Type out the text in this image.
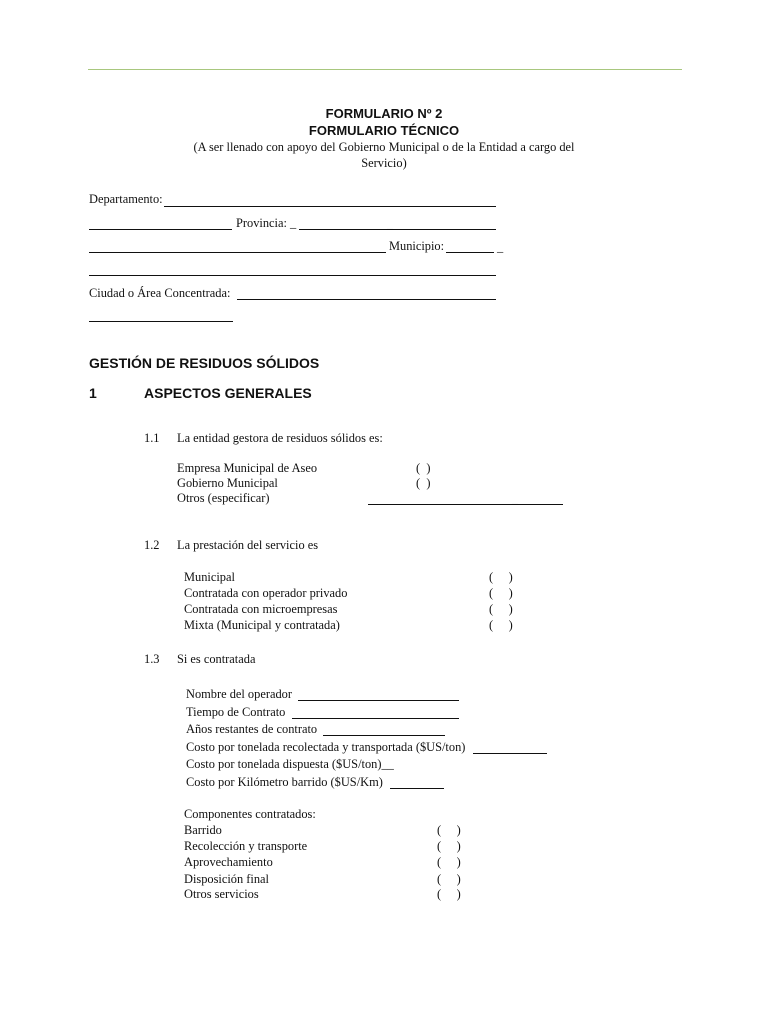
FORMULARIO Nº 2
FORMULARIO TÉCNICO
(A ser llenado con apoyo del Gobierno Municipal o de la Entidad a cargo del
Servicio)
Departamento:
Provincia: _	_
Municipio:	_
Ciudad o Área Concentrada:
GESTIÓN DE RESIDUOS SÓLIDOS
1	ASPECTOS GENERALES
1.1 La entidad gestora de residuos sólidos es:
Empresa Municipal de Aseo	(  )
Gobierno Municipal	(  )
Otros (especificar)	_
1.2 La prestación del servicio es
Municipal	(     )
Contratada con operador privado	(     )
Contratada con microempresas	(     )
Mixta (Municipal y contratada)	(     )
1.3 Si es contratada
Nombre del operador
Tiempo de Contrato
Años restantes de contrato
Costo por tonelada recolectada y transportada ($US/ton)
Costo por tonelada dispuesta ($US/ton)__
Costo por Kilómetro barrido ($US/Km)
Componentes contratados:
Barrido	(     )
Recolección y transporte	(     )
Aprovechamiento	(     )
Disposición final	(     )
Otros servicios	(     )
